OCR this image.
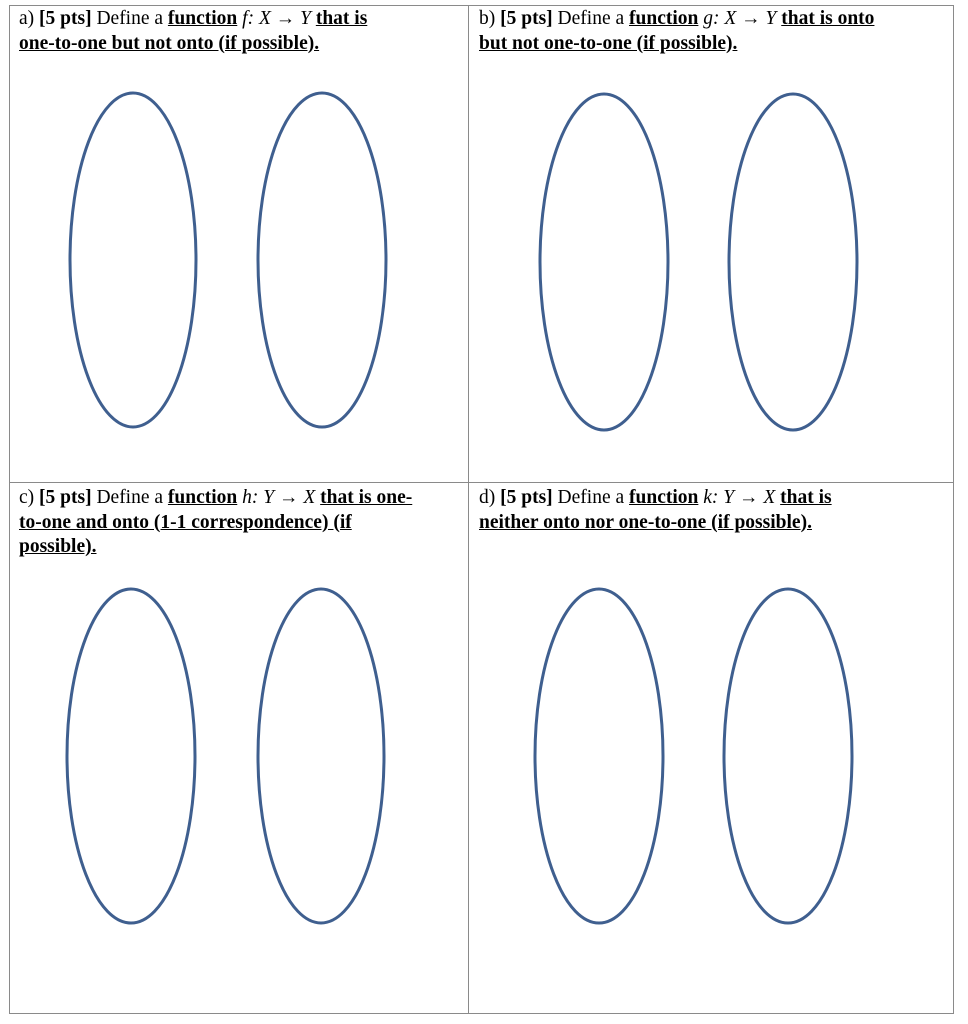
a) [5 pts] Define a function f: X → Y that is
one-to-one but not onto (if possible).
b) [5 pts] Define a function g: X → Y that is onto
but not one-to-one (if possible).
c) [5 pts] Define a function h: Y → X that is one-
to-one and onto (1-1 correspondence) (if
possible).
d) [5 pts] Define a function k: Y → X that is
neither onto nor one-to-one (if possible).
